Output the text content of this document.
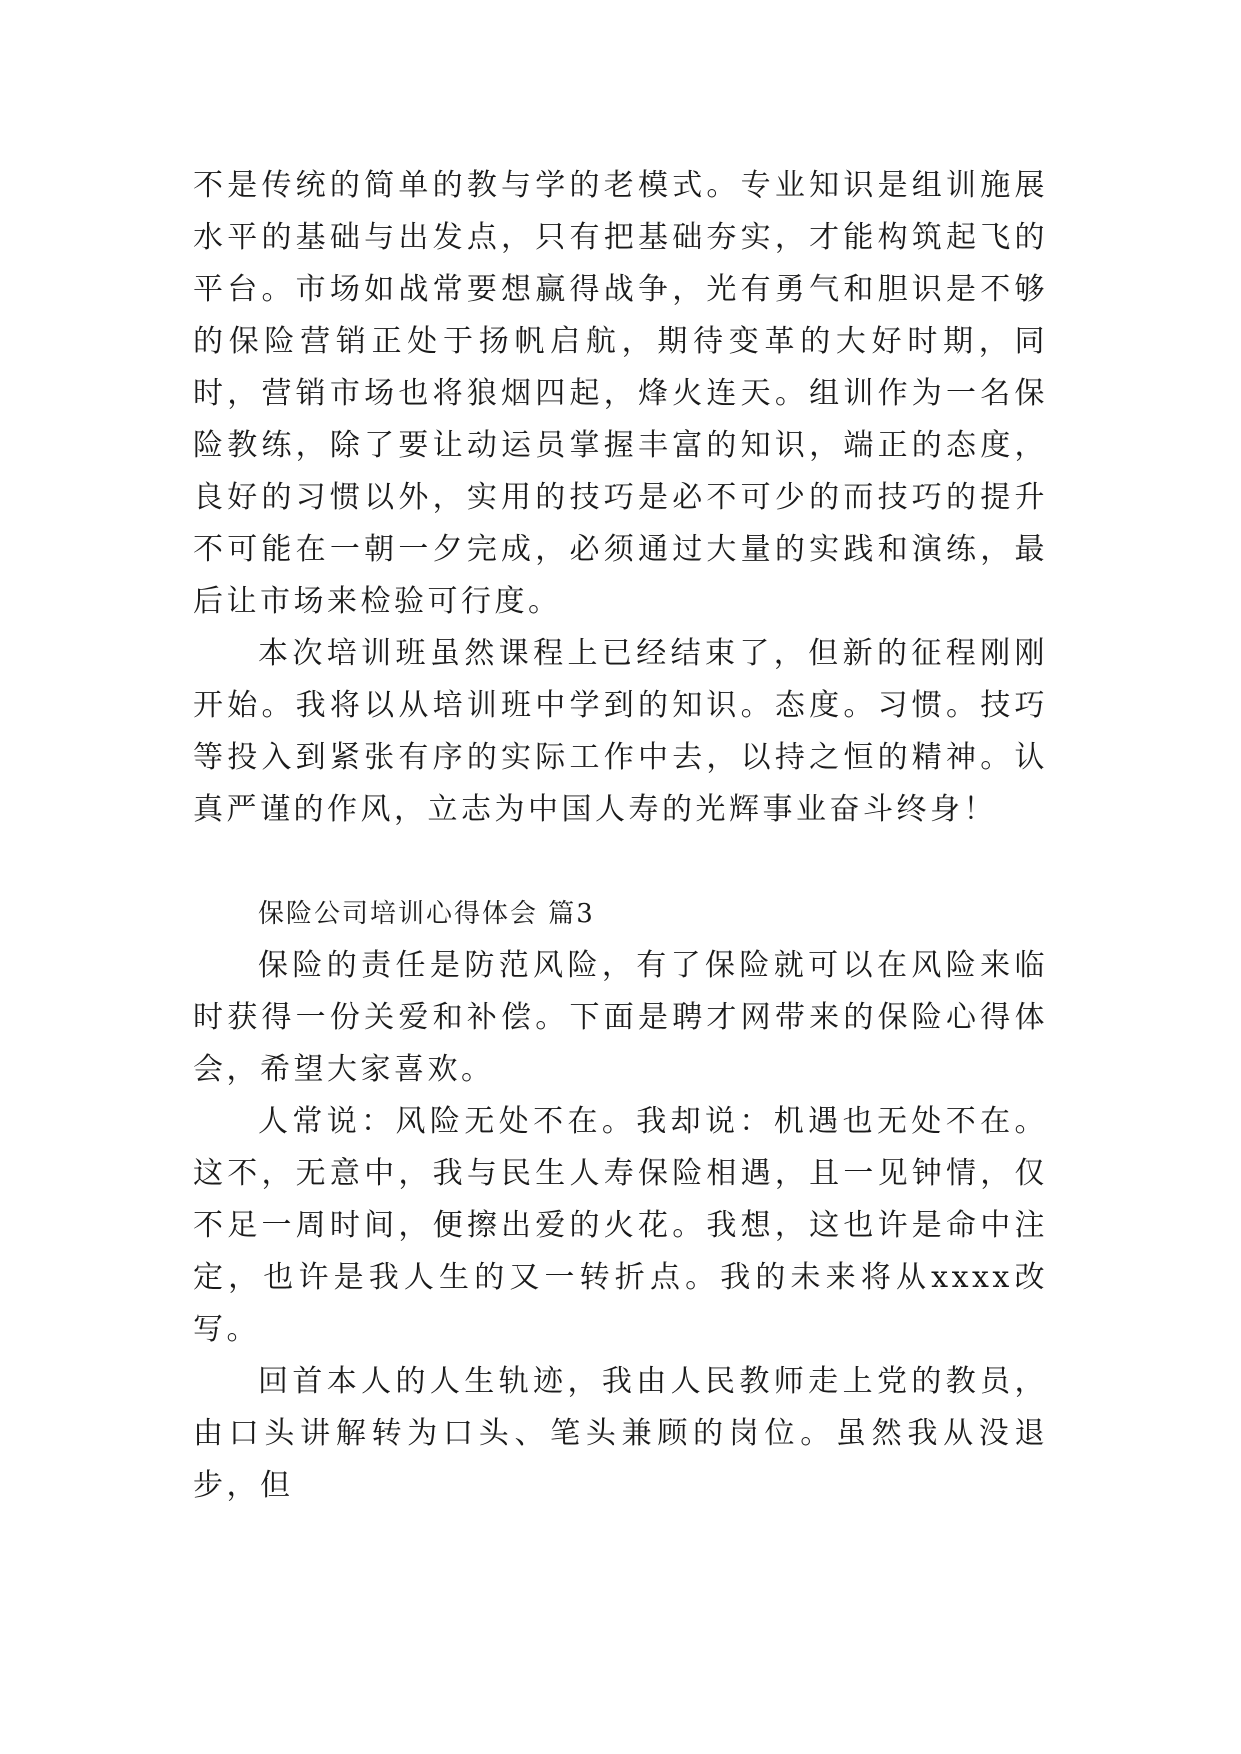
不是传统的简单的教与学的老模式。专业知识是组训施展水平的基础与出发点，只有把基础夯实，才能构筑起飞的平台。市场如战常要想赢得战争，光有勇气和胆识是不够的保险营销正处于扬帆启航，期待变革的大好时期，同时，营销市场也将狼烟四起，烽火连天。组训作为一名保险教练，除了要让动运员掌握丰富的知识，端正的态度，良好的习惯以外，实用的技巧是必不可少的而技巧的提升不可能在一朝一夕完成，必须通过大量的实践和演练，最后让市场来检验可行度。

本次培训班虽然课程上已经结束了，但新的征程刚刚开始。我将以从培训班中学到的知识。态度。习惯。技巧等投入到紧张有序的实际工作中去，以持之恒的精神。认真严谨的作风，立志为中国人寿的光辉事业奋斗终身！

保险公司培训心得体会 篇3

保险的责任是防范风险，有了保险就可以在风险来临时获得一份关爱和补偿。下面是聘才网带来的保险心得体会，希望大家喜欢。

人常说：风险无处不在。我却说：机遇也无处不在。这不，无意中，我与民生人寿保险相遇，且一见钟情，仅不足一周时间，便擦出爱的火花。我想，这也许是命中注定，也许是我人生的又一转折点。我的未来将从xxxx改写。

回首本人的人生轨迹，我由人民教师走上党的教员，由口头讲解转为口头、笔头兼顾的岗位。虽然我从没退步，但
